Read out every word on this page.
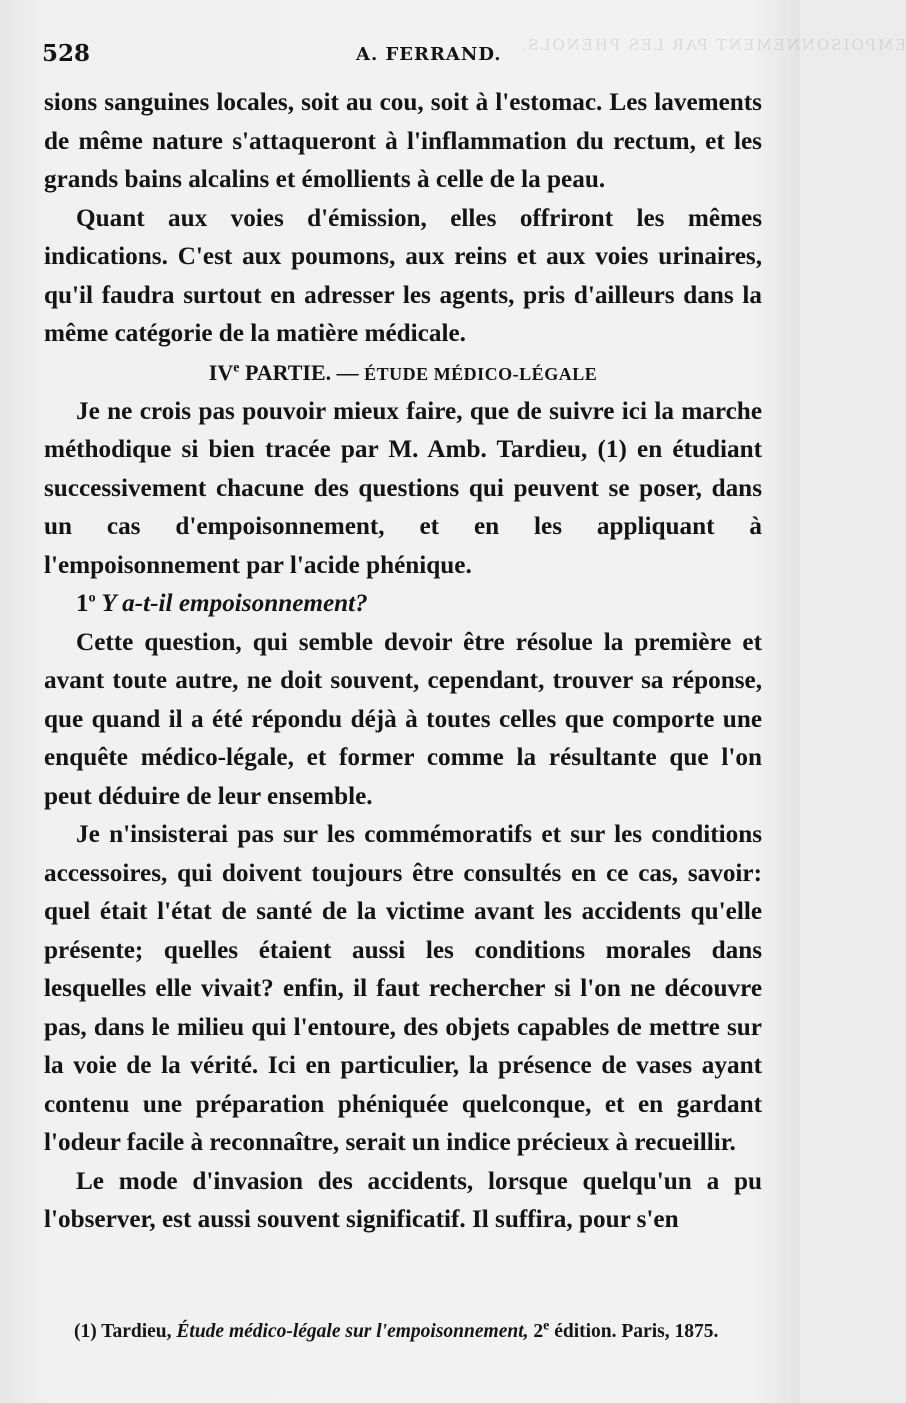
EMPOISONNEMENT PAR LES PHÉNOLS.
528	A. FERRAND.

sions sanguines locales, soit au cou, soit à l'estomac. Les lavements de même nature s'attaqueront à l'inflammation du rectum, et les grands bains alcalins et émollients à celle de la peau.

Quant aux voies d'émission, elles offriront les mêmes indications. C'est aux poumons, aux reins et aux voies urinaires, qu'il faudra surtout en adresser les agents, pris d'ailleurs dans la même catégorie de la matière médicale.

IVe PARTIE. — ÉTUDE MÉDICO-LÉGALE

Je ne crois pas pouvoir mieux faire, que de suivre ici la marche méthodique si bien tracée par M. Amb. Tardieu, (1) en étudiant successivement chacune des questions qui peuvent se poser, dans un cas d'empoisonnement, et en les appliquant à l'empoisonnement par l'acide phénique.

1$^o$ Y a-t-il empoisonnement?

Cette question, qui semble devoir être résolue la première et avant toute autre, ne doit souvent, cependant, trouver sa réponse, que quand il a été répondu déjà à toutes celles que comporte une enquête médico-légale, et former comme la résultante que l'on peut déduire de leur ensemble.

Je n'insisterai pas sur les commémoratifs et sur les conditions accessoires, qui doivent toujours être consultés en ce cas, savoir: quel était l'état de santé de la victime avant les accidents qu'elle présente; quelles étaient aussi les conditions morales dans lesquelles elle vivait? enfin, il faut rechercher si l'on ne découvre pas, dans le milieu qui l'entoure, des objets capables de mettre sur la voie de la vérité. Ici en particulier, la présence de vases ayant contenu une préparation phéniquée quelconque, et en gardant l'odeur facile à reconnaître, serait un indice précieux à recueillir.

Le mode d'invasion des accidents, lorsque quelqu'un a pu l'observer, est aussi souvent significatif. Il suffira, pour s'en

(1) Tardieu, Étude médico-légale sur l'empoisonnement, 2e édition. Paris, 1875.
